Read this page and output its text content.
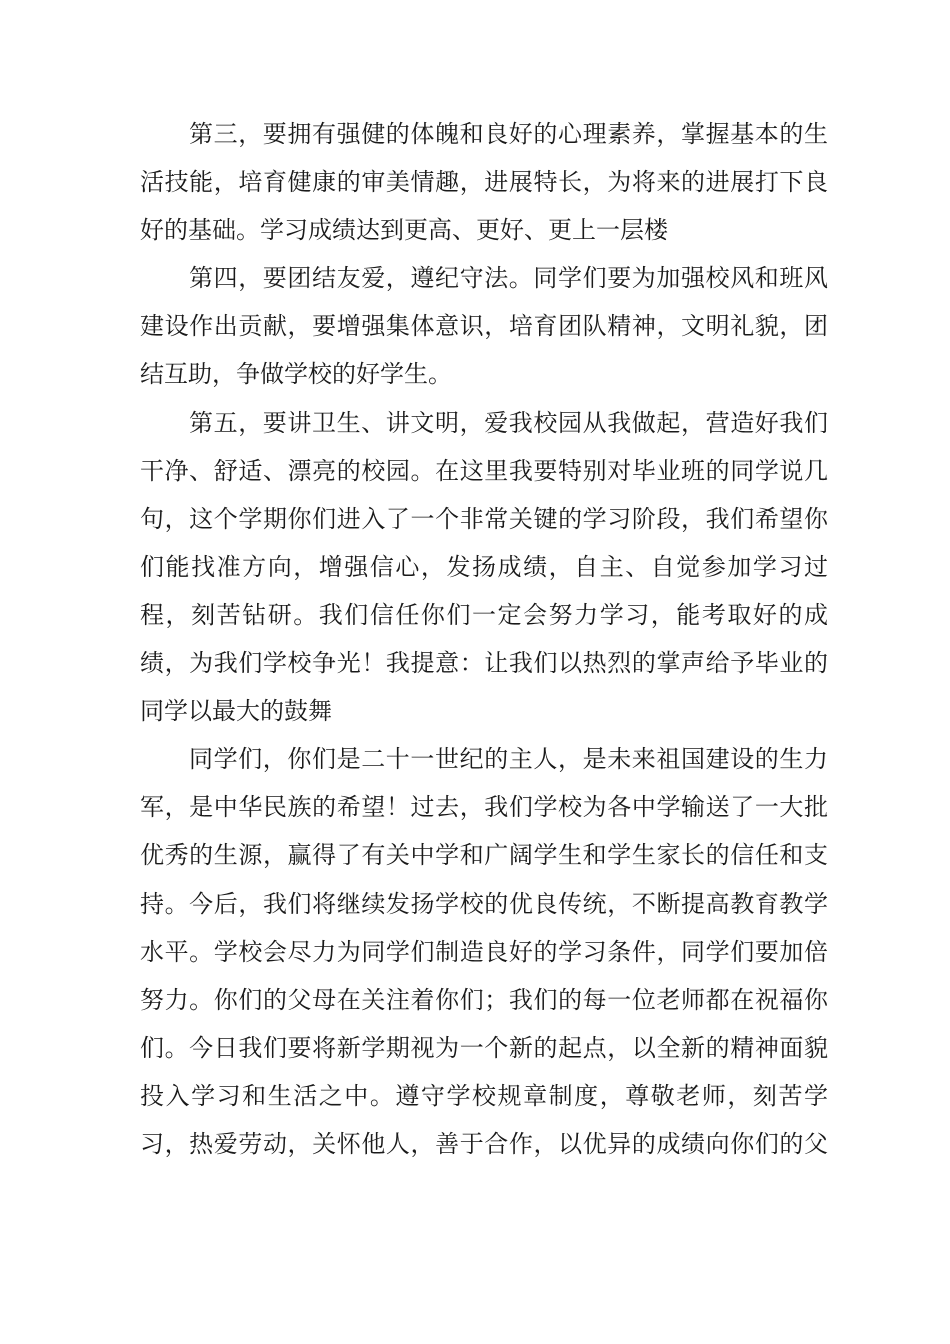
第三，要拥有强健的体魄和良好的心理素养，掌握基本的生
活技能，培育健康的审美情趣，进展特长，为将来的进展打下良
好的基础。学习成绩达到更高、更好、更上一层楼

第四，要团结友爱，遵纪守法。同学们要为加强校风和班风
建设作出贡献，要增强集体意识，培育团队精神，文明礼貌，团
结互助，争做学校的好学生。

第五，要讲卫生、讲文明，爱我校园从我做起，营造好我们
干净、舒适、漂亮的校园。在这里我要特别对毕业班的同学说几
句，这个学期你们进入了一个非常关键的学习阶段，我们希望你
们能找准方向，增强信心，发扬成绩，自主、自觉参加学习过
程，刻苦钻研。我们信任你们一定会努力学习，能考取好的成
绩，为我们学校争光！我提意：让我们以热烈的掌声给予毕业的
同学以最大的鼓舞

同学们，你们是二十一世纪的主人，是未来祖国建设的生力
军，是中华民族的希望！过去，我们学校为各中学输送了一大批
优秀的生源，赢得了有关中学和广阔学生和学生家长的信任和支
持。今后，我们将继续发扬学校的优良传统，不断提高教育教学
水平。学校会尽力为同学们制造良好的学习条件，同学们要加倍
努力。你们的父母在关注着你们；我们的每一位老师都在祝福你
们。今日我们要将新学期视为一个新的起点，以全新的精神面貌
投入学习和生活之中。遵守学校规章制度，尊敬老师，刻苦学
习，热爱劳动，关怀他人，善于合作，以优异的成绩向你们的父
